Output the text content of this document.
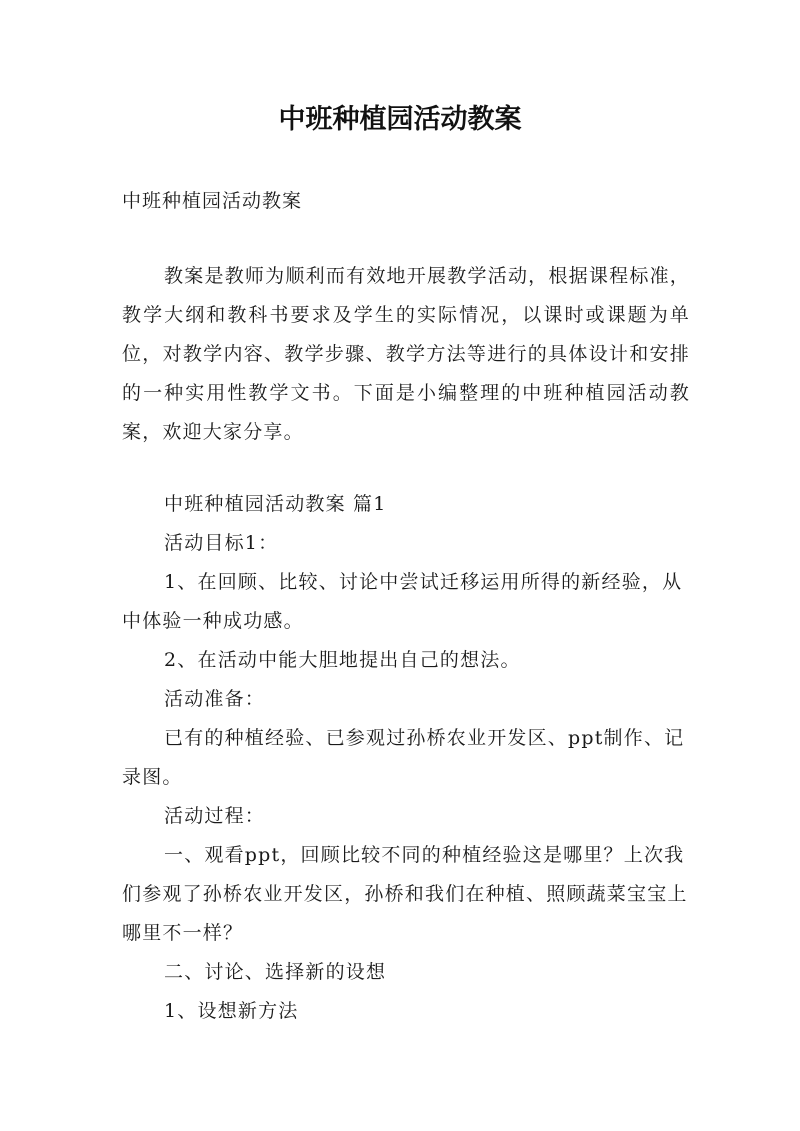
中班种植园活动教案

中班种植园活动教案

教案是教师为顺利而有效地开展教学活动，根据课程标准，教学大纲和教科书要求及学生的实际情况，以课时或课题为单位，对教学内容、教学步骤、教学方法等进行的具体设计和安排的一种实用性教学文书。下面是小编整理的中班种植园活动教案，欢迎大家分享。

中班种植园活动教案 篇1

活动目标1：

1、在回顾、比较、讨论中尝试迁移运用所得的新经验，从中体验一种成功感。

2、在活动中能大胆地提出自己的想法。

活动准备：

已有的种植经验、已参观过孙桥农业开发区、ppt制作、记录图。

活动过程：

一、观看ppt，回顾比较不同的种植经验这是哪里？上次我们参观了孙桥农业开发区，孙桥和我们在种植、照顾蔬菜宝宝上哪里不一样？

二、讨论、选择新的设想

1、设想新方法
